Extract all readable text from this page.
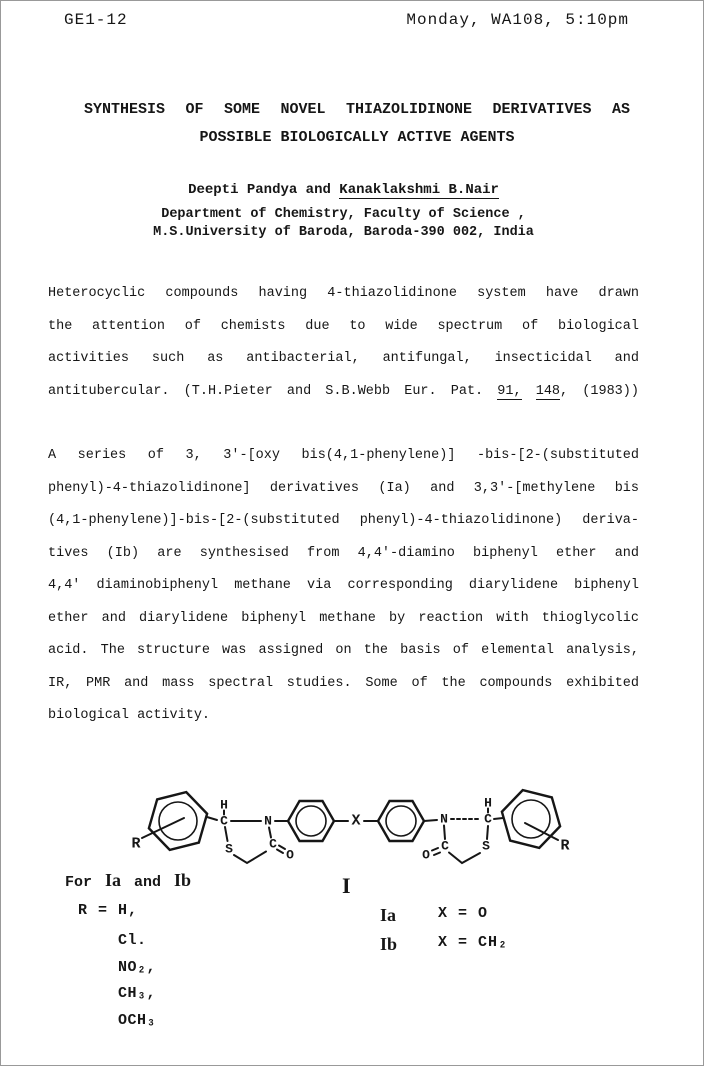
GE1-12	Monday, WA108, 5:10pm
SYNTHESIS OF SOME NOVEL THIAZOLIDINONE DERIVATIVES AS
POSSIBLE BIOLOGICALLY ACTIVE AGENTS
Deepti Pandya and Kanaklakshmi B.Nair
Department of Chemistry, Faculty of Science ,
M.S.University of Baroda, Baroda-390 002, India
Heterocyclic compounds having 4-thiazolidinone system have drawn
the attention of chemists due to wide spectrum of biological
activities such as antibacterial, antifungal, insecticidal and
antitubercular. (T.H.Pieter and S.B.Webb Eur. Pat. 91, 148, (1983))
A series of 3, 3'-[oxy bis(4,1-phenylene)] -bis-[2-(substituted
phenyl)-4-thiazolidinone] derivatives (Ia) and 3,3'-[methylene bis
(4,1-phenylene)]-bis-[2-(substituted phenyl)-4-thiazolidinone) deriva-
tives (Ib) are synthesised from 4,4'-diamino biphenyl ether and
4,4' diaminobiphenyl methane via corresponding diarylidene biphenyl
ether and diarylidene biphenyl methane by reaction with thioglycolic
acid. The structure was assigned on the basis of elemental analysis,
IR, PMR and mass spectral studies. Some of the compounds exhibited
biological activity.
R
H
C	N
S	C
O
X	N
H
C
C
O
S	R
I
For Ia and Ib
R = H,
Cl.
NO₂,
CH₃,
OCH₃
Ia	X = O
Ib	X = CH₂
